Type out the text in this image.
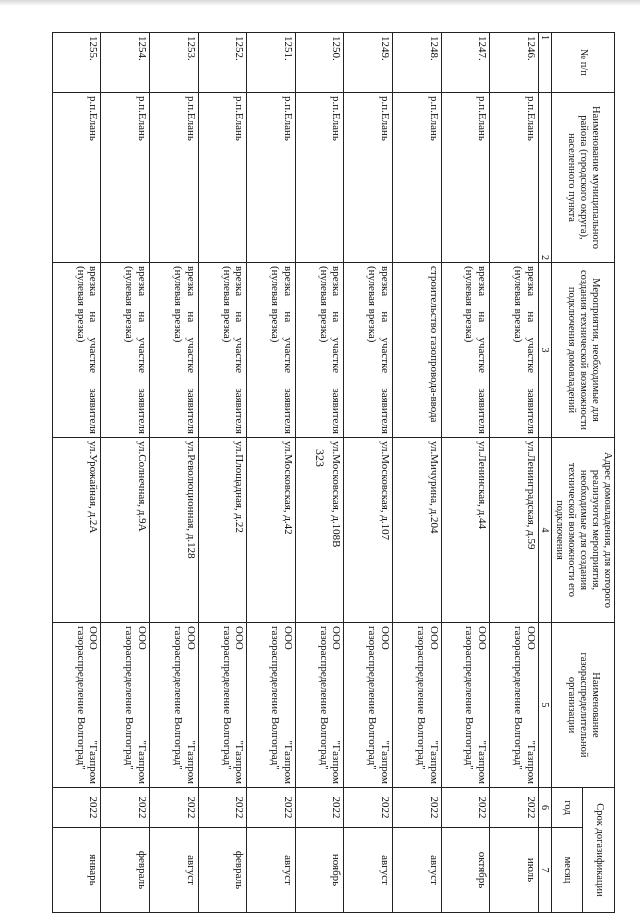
323
№ п/п	Наименование муниципального района (городского округа), населенного пункта	Мероприятия, необходимые для создания технической возможности подключения домовладений	Адрес домовладения, для которого реализуются мероприятия, необходимые для создания технической возможности его подключения	Наименование газораспределительной организации	Срок догазификации	
					год	месяц
1	2	3	4	5	6	7
1246.	р.п.Елань	врезка на участке заявителя (нулевая врезка)	ул.Ленинградская, д.59	ООО "Газпром газораспределение Волгоград"	2022	июль
1247.	р.п.Елань	врезка на участке заявителя (нулевая врезка)	ул.Ленинская, д.44	ООО "Газпром газораспределение Волгоград"	2022	октябрь
1248.	р.п.Елань	строительство газопровода-ввода	ул.Мичурина, д.204	ООО "Газпром газораспределение Волгоград"	2022	август
1249.	р.п.Елань	врезка на участке заявителя (нулевая врезка)	ул.Московская, д.107	ООО "Газпром газораспределение Волгоград"	2022	август
1250.	р.п.Елань	врезка на участке заявителя (нулевая врезка)	ул.Московская, д.108В	ООО "Газпром газораспределение Волгоград"	2022	ноябрь
1251.	р.п.Елань	врезка на участке заявителя (нулевая врезка)	ул.Московская, д.42	ООО "Газпром газораспределение Волгоград"	2022	август
1252.	р.п.Елань	врезка на участке заявителя (нулевая врезка)	ул.Площадная, д.22	ООО "Газпром газораспределение Волгоград"	2022	февраль
1253.	р.п.Елань	врезка на участке заявителя (нулевая врезка)	ул.Революционная, д.128	ООО "Газпром газораспределение Волгоград"	2022	август
1254.	р.п.Елань	врезка на участке заявителя (нулевая врезка)	ул.Солнечная, д.9А	ООО "Газпром газораспределение Волгоград"	2022	февраль
1255.	р.п.Елань	врезка на участке заявителя (нулевая врезка)	ул.Урожайная, д.2А	ООО "Газпром газораспределение Волгоград"	2022	январь
